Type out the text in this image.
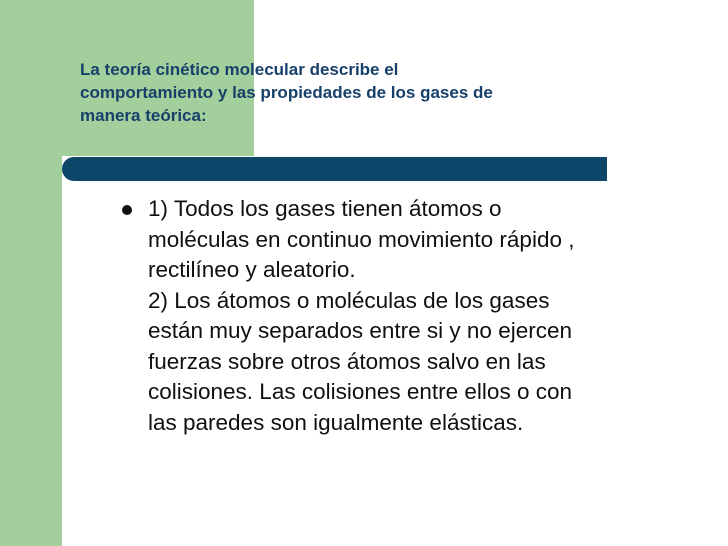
La teoría cinético molecular describe el
comportamiento y las propiedades de los gases de
manera teórica:
1) Todos los gases tienen átomos o
moléculas en continuo movimiento rápido ,
rectilíneo y aleatorio.
2) Los átomos o moléculas de los gases
están muy separados entre si y no ejercen
fuerzas sobre otros átomos salvo en las
colisiones. Las colisiones entre ellos o con
las paredes son igualmente elásticas.
